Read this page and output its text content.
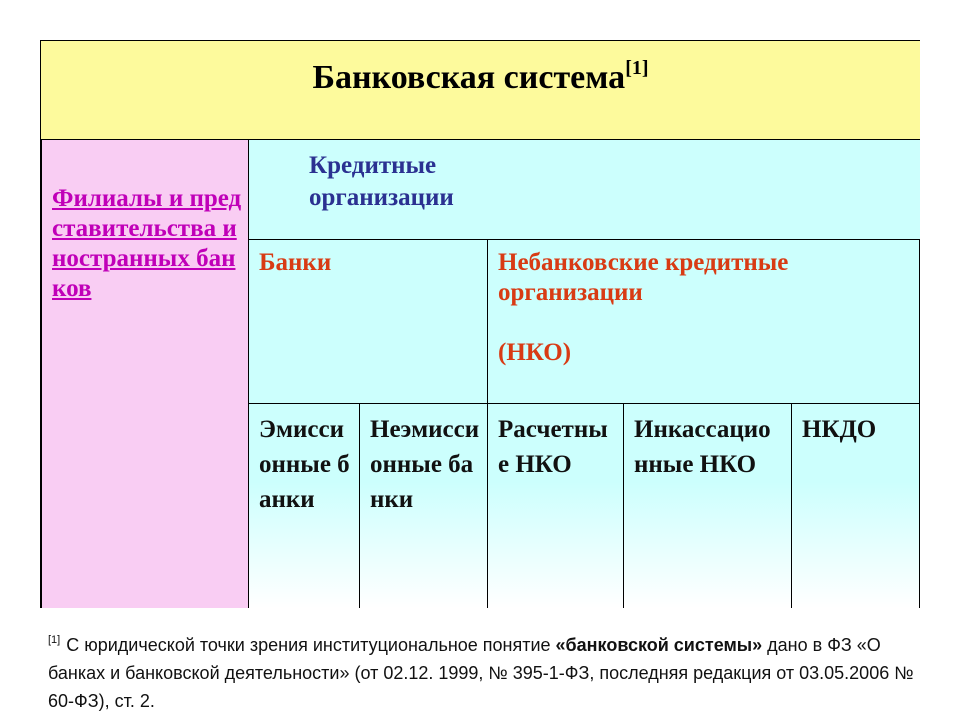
Банковская система[1]
Филиалы и представительства иностранных банков
Кредитные организации
Банки	Небанковские кредитные организации
(НКО)
Эмиссионные банки
Неэмиссионные банки
Расчетные НКО
Инкассационные НКО
НКДО
[1] С юридической точки зрения институциональное понятие «банковской системы» дано в ФЗ «О банках и банковской деятельности» (от 02.12. 1999, № 395-1-ФЗ, последняя редакция от 03.05.2006 № 60-ФЗ), ст. 2.
